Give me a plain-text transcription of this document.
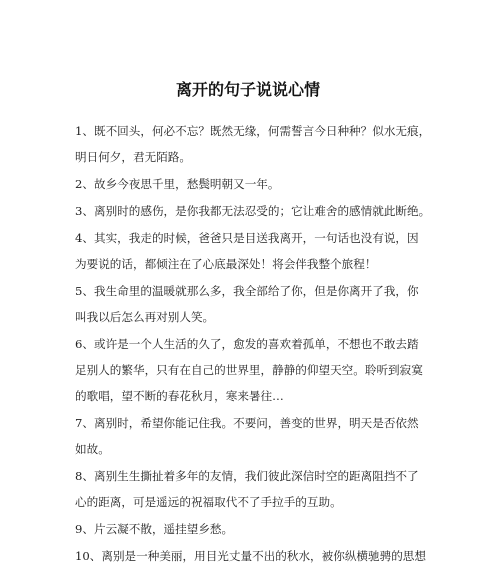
离开的句子说说心情
1、既不回头，何必不忘？既然无缘，何需誓言今日种种？似水无痕，
明日何夕，君无陌路。
2、故乡今夜思千里，愁鬓明朝又一年。
3、离别时的感伤，是你我都无法忍受的；它让难舍的感情就此断绝。
4、其实，我走的时候，爸爸只是目送我离开，一句话也没有说，因
为要说的话，都倾注在了心底最深处！将会伴我整个旅程！
5、我生命里的温暖就那么多，我全部给了你，但是你离开了我，你
叫我以后怎么再对别人笑。
6、或许是一个人生活的久了，愈发的喜欢着孤单，不想也不敢去踏
足别人的繁华，只有在自己的世界里，静静的仰望天空。聆听到寂寞
的歌唱，望不断的春花秋月，寒来暑往…
7、离别时，希望你能记住我。不要问，善变的世界，明天是否依然
如故。
8、离别生生撕扯着多年的友情，我们彼此深信时空的距离阻挡不了
心的距离，可是遥远的祝福取代不了手拉手的互助。
9、片云凝不散，遥挂望乡愁。
10、离别是一种美丽，用目光丈量不出的秋水，被你纵横驰骋的思想
